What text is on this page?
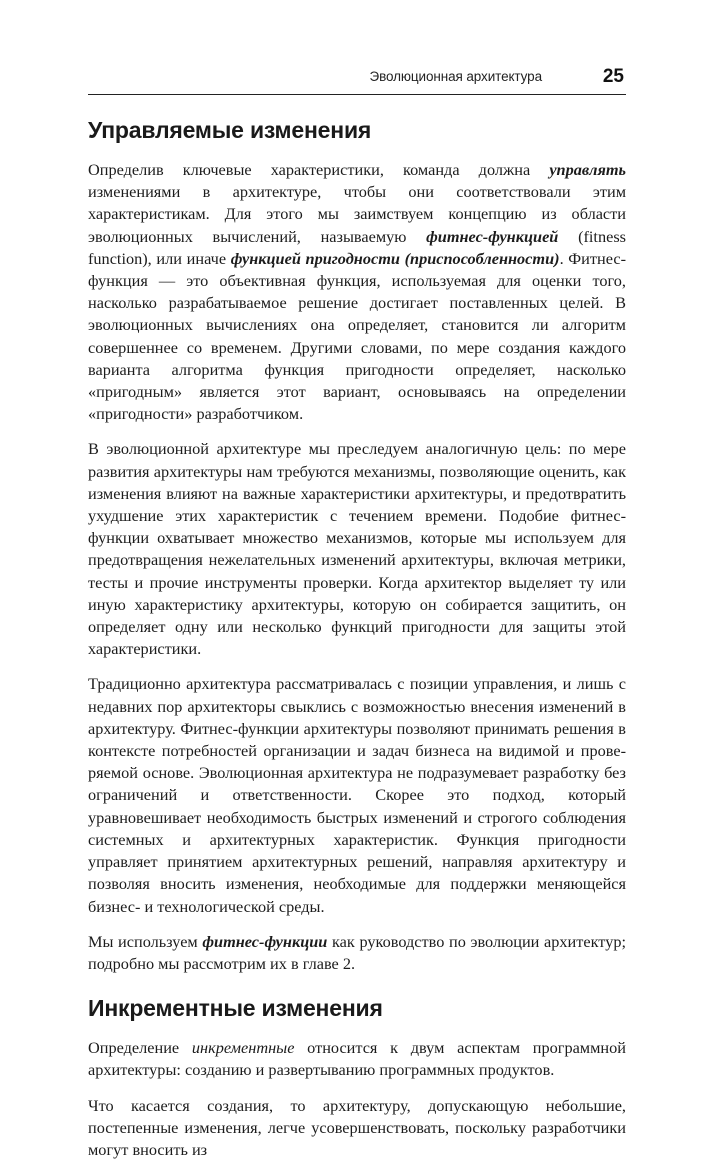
Эволюционная архитектура	25
Управляемые изменения

Определив ключевые характеристики, команда должна управлять изменениями в архитектуре, чтобы они соответствовали этим характеристикам. Для этого мы заимствуем концепцию из области эволюционных вычислений, называемую фитнес-функцией (fitness function), или иначе функцией пригодности (приспособленности). Фитнес-функция — это объективная функция, используемая для оценки того, насколько разрабатываемое решение достигает поставленных целей. В эволюционных вычислениях она определяет, становится ли алгоритм совершеннее со временем. Другими словами, по мере создания каждого варианта алгоритма функция пригодности определяет, насколько «пригодным» является этот вариант, основываясь на определении «пригодности» разработчиком.

В эволюционной архитектуре мы преследуем аналогичную цель: по мере развития архитектуры нам требуются механизмы, позволяющие оценить, как изменения влияют на важные характеристики архитектуры, и предотвратить ухудшение этих характеристик с течением времени. Подобие фитнес-функции охватывает множество механизмов, которые мы используем для предотвращения нежелательных изменений архитектуры, включая метрики, тесты и прочие инструменты проверки. Когда архитектор выделяет ту или иную характеристику архитектуры, которую он собирается защитить, он определяет одну или несколько функций пригодности для защиты этой характеристики.

Традиционно архитектура рассматривалась с позиции управления, и лишь с недавних пор архитекторы свыклись с возможностью внесения изменений в архитектуру. Фитнес-функции архитектуры позволяют принимать решения в контексте потребностей организации и задач бизнеса на видимой и проверяемой основе. Эволюционная архитектура не подразумевает разработку без ограничений и ответственности. Скорее это подход, который уравновешивает необходимость быстрых изменений и строгого соблюдения системных и архитектурных характеристик. Функция пригодности управляет принятием архитектурных решений, направляя архитектуру и позволяя вносить изменения, необходимые для поддержки меняющейся бизнес- и технологической среды.

Мы используем фитнес-функции как руководство по эволюции архитектур; подробно мы рассмотрим их в главе 2.

Инкрементные изменения

Определение инкрементные относится к двум аспектам программной архитектуры: созданию и развертыванию программных продуктов.

Что касается создания, то архитектуру, допускающую небольшие, постепенные изменения, легче усовершенствовать, поскольку разработчики могут вносить из
